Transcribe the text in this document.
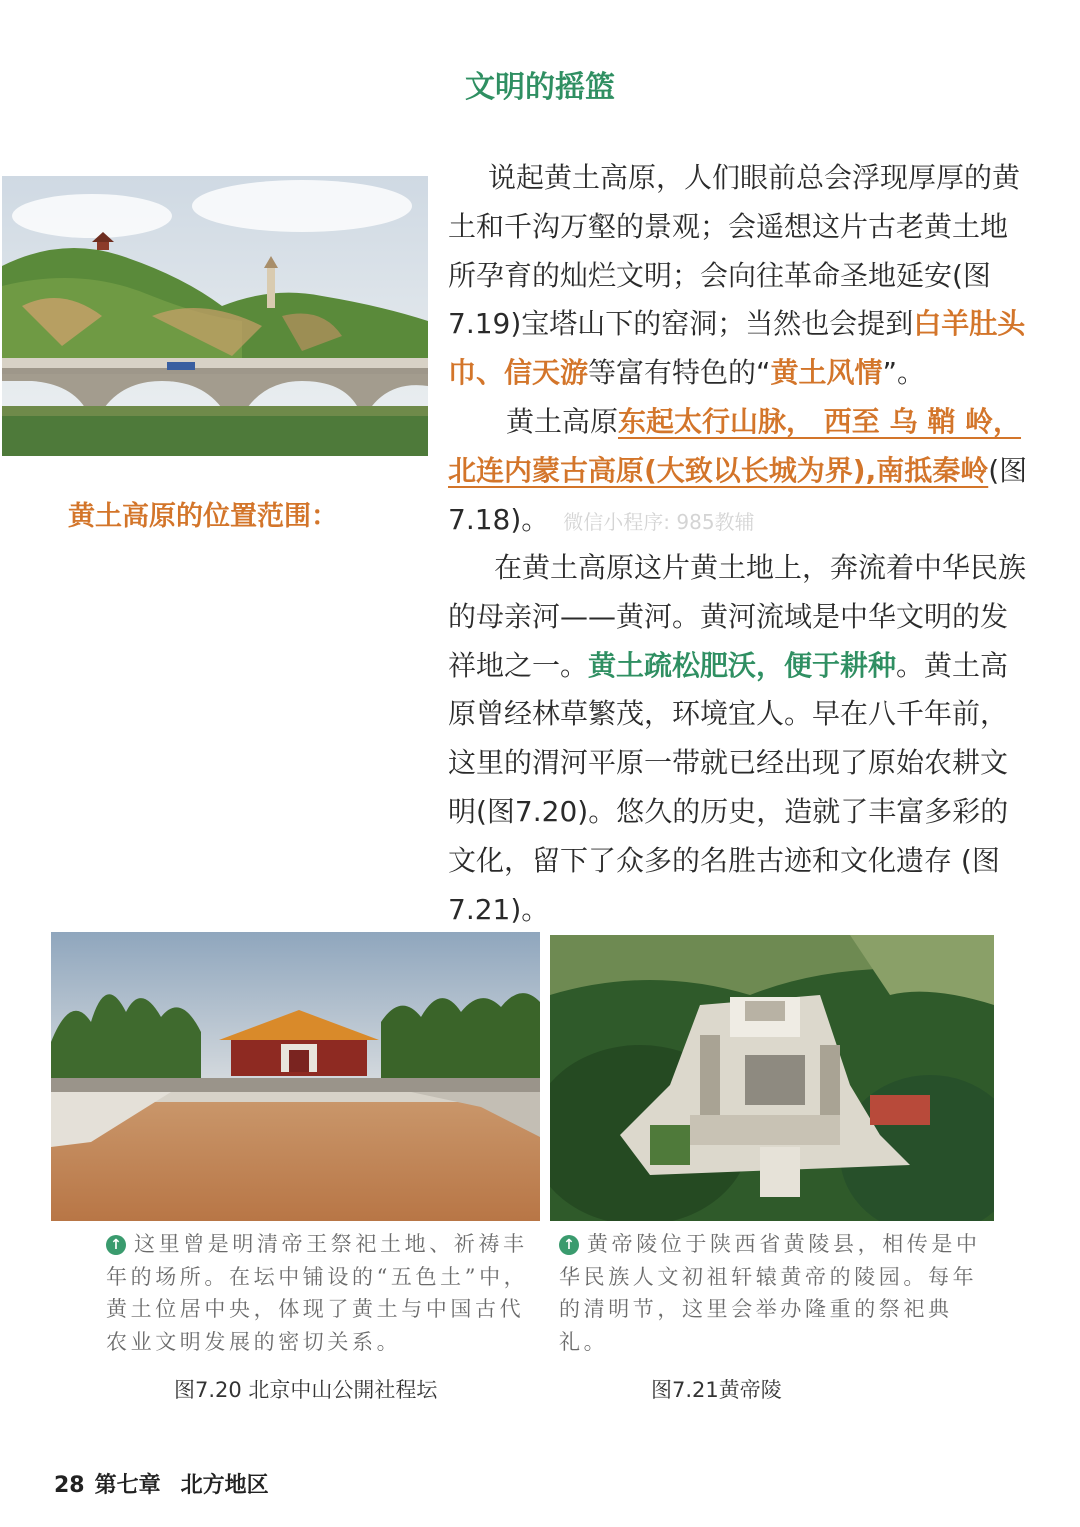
文明的摇篮
黄土高原的位置范围：
说起黄土高原，人们眼前总会浮现厚厚的黄土和千沟万壑的景观；会遥想这片古老黄土地所孕育的灿烂文明；会向往革命圣地延安(图7.19)宝塔山下的窑洞；当然也会提到白羊肚头巾、信天游等富有特色的“黄土风情”。
黄土高原东起太行山脉， 西至 乌 鞘 岭，北连内蒙古高原(大致以长城为界),南抵秦岭(图7.18)。 微信小程序: 985教辅
在黄土高原这片黄土地上，奔流着中华民族的母亲河——黄河。黄河流域是中华文明的发祥地之一。黄土疏松肥沃，便于耕种。黄土高原曾经林草繁茂，环境宜人。早在八千年前，这里的渭河平原一带就已经出现了原始农耕文明(图7.20)。悠久的历史，造就了丰富多彩的文化，留下了众多的名胜古迹和文化遗存 (图7.21)。
↑ 这里曾是明清帝王祭祀土地、祈祷丰年的场所。在坛中铺设的“五色土”中，黄土位居中央，体现了黄土与中国古代农业文明发展的密切关系。
↑ 黄帝陵位于陕西省黄陵县，相传是中华民族人文初祖轩辕黄帝的陵园。每年的清明节，这里会举办隆重的祭祀典礼。
图7.20 北京中山公開社程坛	图7.21黄帝陵
28 第七章 北方地区
